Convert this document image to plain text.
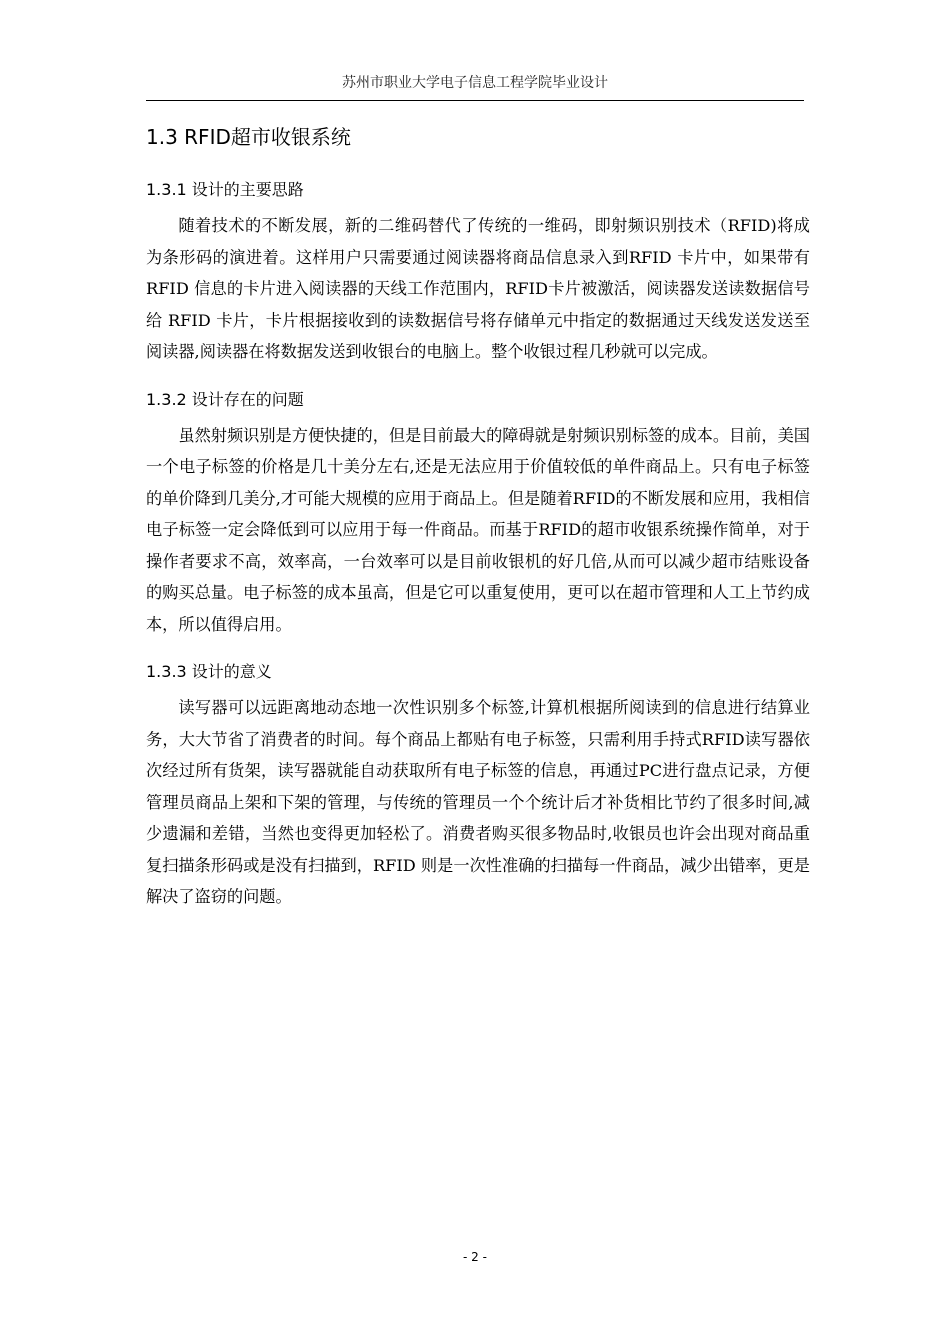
苏州市职业大学电子信息工程学院毕业设计
1.3 RFID超市收银系统
1.3.1 设计的主要思路

随着技术的不断发展，新的二维码替代了传统的一维码，即射频识别技术（RFID)将成为条形码的演进着。这样用户只需要通过阅读器将商品信息录入到RFID 卡片中，如果带有 RFID 信息的卡片进入阅读器的天线工作范围内，RFID卡片被激活，阅读器发送读数据信号给 RFID 卡片，卡片根据接收到的读数据信号将存储单元中指定的数据通过天线发送发送至阅读器,阅读器在将数据发送到收银台的电脑上。整个收银过程几秒就可以完成。

1.3.2 设计存在的问题

虽然射频识别是方便快捷的，但是目前最大的障碍就是射频识别标签的成本。目前，美国一个电子标签的价格是几十美分左右,还是无法应用于价值较低的单件商品上。只有电子标签的单价降到几美分,才可能大规模的应用于商品上。但是随着RFID的不断发展和应用，我相信电子标签一定会降低到可以应用于每一件商品。而基于RFID的超市收银系统操作简单，对于操作者要求不高，效率高，一台效率可以是目前收银机的好几倍,从而可以减少超市结账设备的购买总量。电子标签的成本虽高，但是它可以重复使用，更可以在超市管理和人工上节约成本，所以值得启用。

1.3.3 设计的意义

读写器可以远距离地动态地一次性识别多个标签,计算机根据所阅读到的信息进行结算业务，大大节省了消费者的时间。每个商品上都贴有电子标签，只需利用手持式RFID读写器依次经过所有货架，读写器就能自动获取所有电子标签的信息，再通过PC进行盘点记录，方便管理员商品上架和下架的管理，与传统的管理员一个个统计后才补货相比节约了很多时间,减少遗漏和差错，当然也变得更加轻松了。消费者购买很多物品时,收银员也许会出现对商品重复扫描条形码或是没有扫描到，RFID 则是一次性准确的扫描每一件商品，减少出错率，更是解决了盗窃的问题。

- 2 -
